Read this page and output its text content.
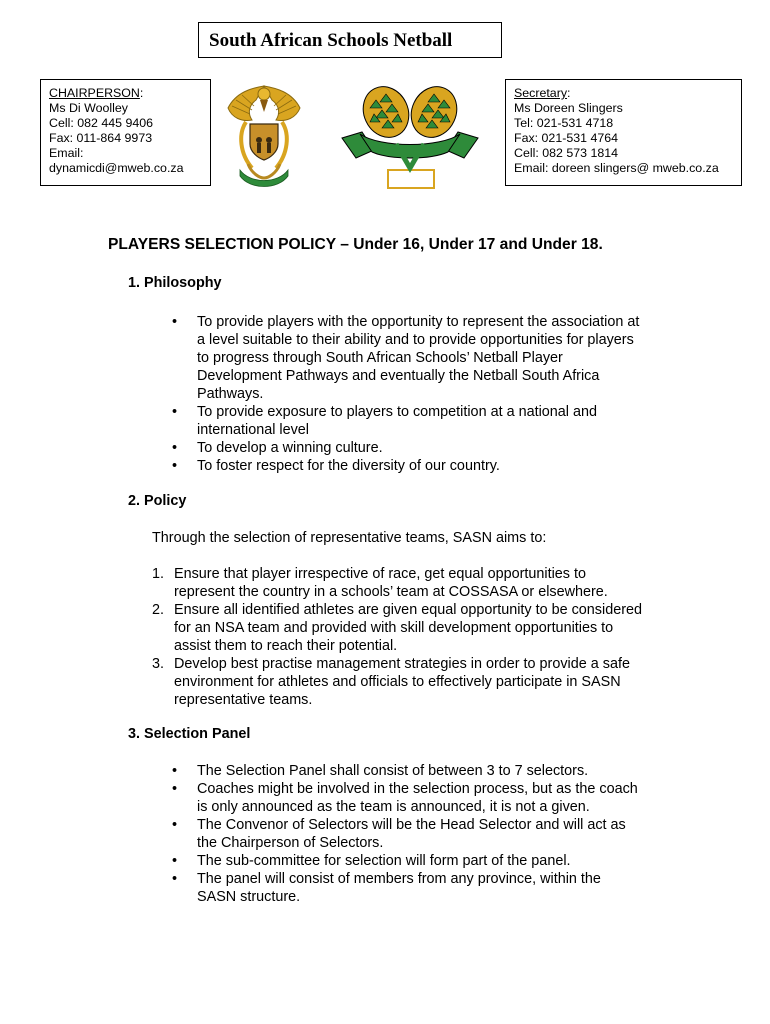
South African Schools Netball
CHAIRPERSON:
Ms Di Woolley
Cell: 082 445 9406
Fax: 011-864 9973
Email:
dynamicdi@mweb.co.za
Secretary:
Ms Doreen Slingers
Tel: 021-531 4718
Fax: 021-531 4764
Cell: 082 573 1814
Email: doreen slingers@ mweb.co.za
PLAYERS SELECTION POLICY – Under 16, Under 17 and Under 18.
1. Philosophy
• To provide players with the opportunity to represent the association at
a level suitable to their ability and to provide opportunities for players
to progress through South African Schools’ Netball Player
Development Pathways and eventually the Netball South Africa
Pathways.
• To provide exposure to players to competition at a national and
international level
• To develop a winning culture.
• To foster respect for the diversity of our country.
2. Policy
Through the selection of representative teams, SASN aims to:
1. Ensure that player irrespective of race, get equal opportunities to
represent the country in a schools’ team at COSSASA or elsewhere.
2. Ensure all identified athletes are given equal opportunity to be considered
for an NSA team and provided with skill development opportunities to
assist them to reach their potential.
3. Develop best practise management strategies in order to provide a safe
environment for athletes and officials to effectively participate in SASN
representative teams.
3. Selection Panel
• The Selection Panel shall consist of between 3 to 7 selectors.
• Coaches might be involved in the selection process, but as the coach
is only announced as the team is announced, it is not a given.
• The Convenor of Selectors will be the Head Selector and will act as
the Chairperson of Selectors.
• The sub-committee for selection will form part of the panel.
• The panel will consist of members from any province, within the
SASN structure.
